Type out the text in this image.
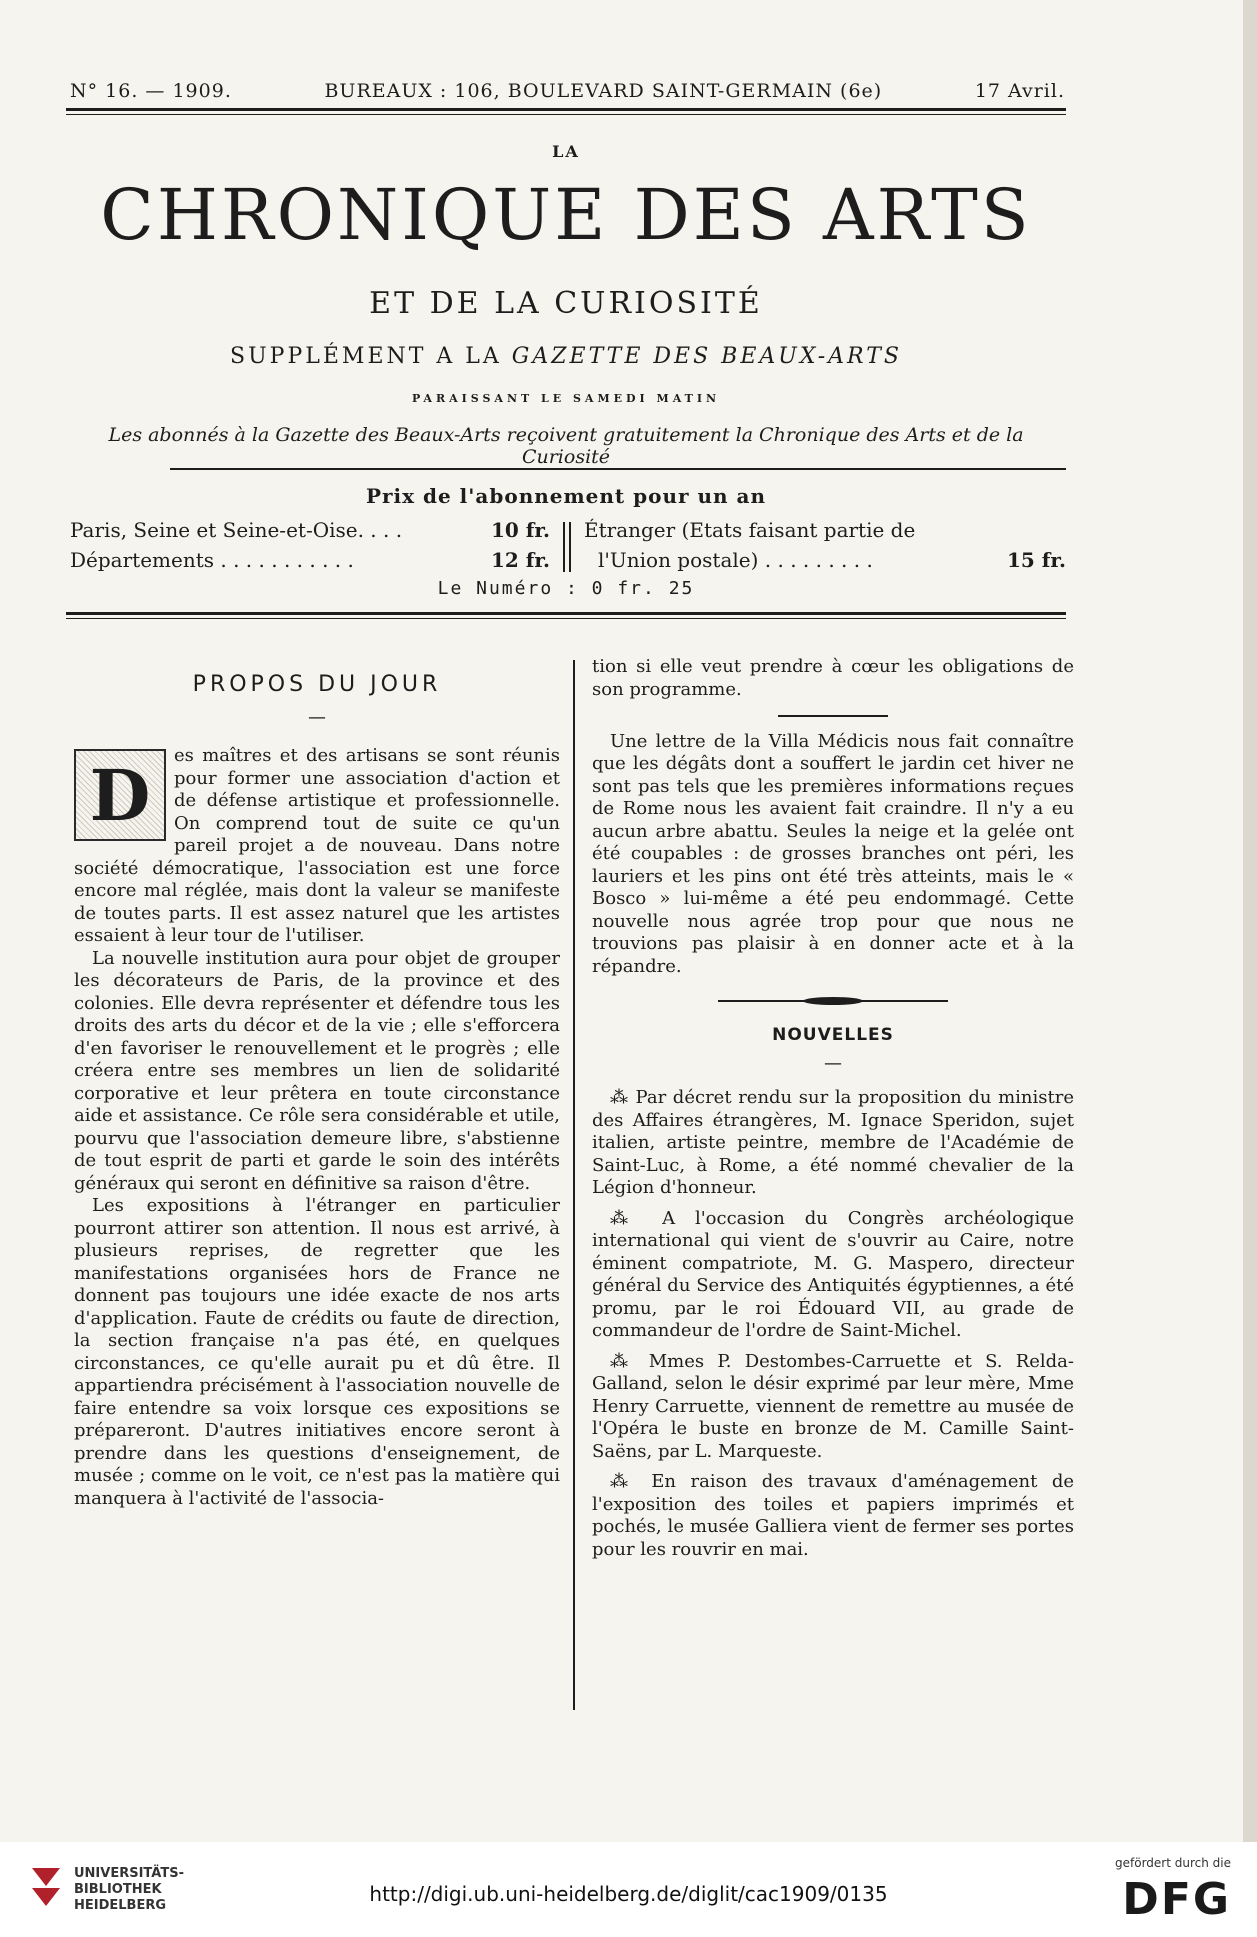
N° 16. — 1909.	BUREAUX : 106, BOULEVARD SAINT-GERMAIN (6e)	17 Avril.
LA
CHRONIQUE DES ARTS
ET DE LA CURIOSITÉ
SUPPLÉMENT A LA GAZETTE DES BEAUX-ARTS
PARAISSANT LE SAMEDI MATIN
Les abonnés à la Gazette des Beaux-Arts reçoivent gratuitement la Chronique des Arts et de la Curiosité
Prix de l'abonnement pour un an
Paris, Seine et Seine-et-Oise. . . .	10 fr.
Départements . . . . . . . . . . .	12 fr.
Étranger (Etats faisant partie de
l'Union postale) . . . . . . . . .	15 fr.
Le Numéro : 0 fr. 25

PROPOS DU JOUR

—

D	es maîtres et des artisans se sont réunis pour former une association d'action et de défense artistique et professionnelle. On comprend tout de suite ce qu'un pareil projet a de nouveau. Dans notre société démocratique, l'association est une force encore mal réglée, mais dont la valeur se manifeste de toutes parts. Il est assez naturel que les artistes essaient à leur tour de l'utiliser.

La nouvelle institution aura pour objet de grouper les décorateurs de Paris, de la province et des colonies. Elle devra représenter et défendre tous les droits des arts du décor et de la vie ; elle s'efforcera d'en favoriser le renouvellement et le progrès ; elle créera entre ses membres un lien de solidarité corporative et leur prêtera en toute circonstance aide et assistance. Ce rôle sera considérable et utile, pourvu que l'association demeure libre, s'abstienne de tout esprit de parti et garde le soin des intérêts généraux qui seront en définitive sa raison d'être.

Les expositions à l'étranger en particulier pourront attirer son attention. Il nous est arrivé, à plusieurs reprises, de regretter que les manifestations organisées hors de France ne donnent pas toujours une idée exacte de nos arts d'application. Faute de crédits ou faute de direction, la section française n'a pas été, en quelques circonstances, ce qu'elle aurait pu et dû être. Il appartiendra précisément à l'association nouvelle de faire entendre sa voix lorsque ces expositions se prépareront. D'autres initiatives encore seront à prendre dans les questions d'enseignement, de musée ; comme on le voit, ce n'est pas la matière qui manquera à l'activité de l'associa-

tion si elle veut prendre à cœur les obligations de son programme.

Une lettre de la Villa Médicis nous fait connaître que les dégâts dont a souffert le jardin cet hiver ne sont pas tels que les premières informations reçues de Rome nous les avaient fait craindre. Il n'y a eu aucun arbre abattu. Seules la neige et la gelée ont été coupables : de grosses branches ont péri, les lauriers et les pins ont été très atteints, mais le « Bosco » lui-même a été peu endommagé. Cette nouvelle nous agrée trop pour que nous ne trouvions pas plaisir à en donner acte et à la répandre.

NOUVELLES

—

⁂ Par décret rendu sur la proposition du ministre des Affaires étrangères, M. Ignace Speridon, sujet italien, artiste peintre, membre de l'Académie de Saint-Luc, à Rome, a été nommé chevalier de la Légion d'honneur.

⁂ A l'occasion du Congrès archéologique international qui vient de s'ouvrir au Caire, notre éminent compatriote, M. G. Maspero, directeur général du Service des Antiquités égyptiennes, a été promu, par le roi Édouard VII, au grade de commandeur de l'ordre de Saint-Michel.

⁂ Mmes P. Destombes-Carruette et S. Relda-Galland, selon le désir exprimé par leur mère, Mme Henry Carruette, viennent de remettre au musée de l'Opéra le buste en bronze de M. Camille Saint-Saëns, par L. Marqueste.

⁂ En raison des travaux d'aménagement de l'exposition des toiles et papiers imprimés et pochés, le musée Galliera vient de fermer ses portes pour les rouvrir en mai.

UNIVERSITÄTS-
BIBLIOTHEK
HEIDELBERG	http://digi.ub.uni-heidelberg.de/diglit/cac1909/0135
gefördert durch die
DFG
